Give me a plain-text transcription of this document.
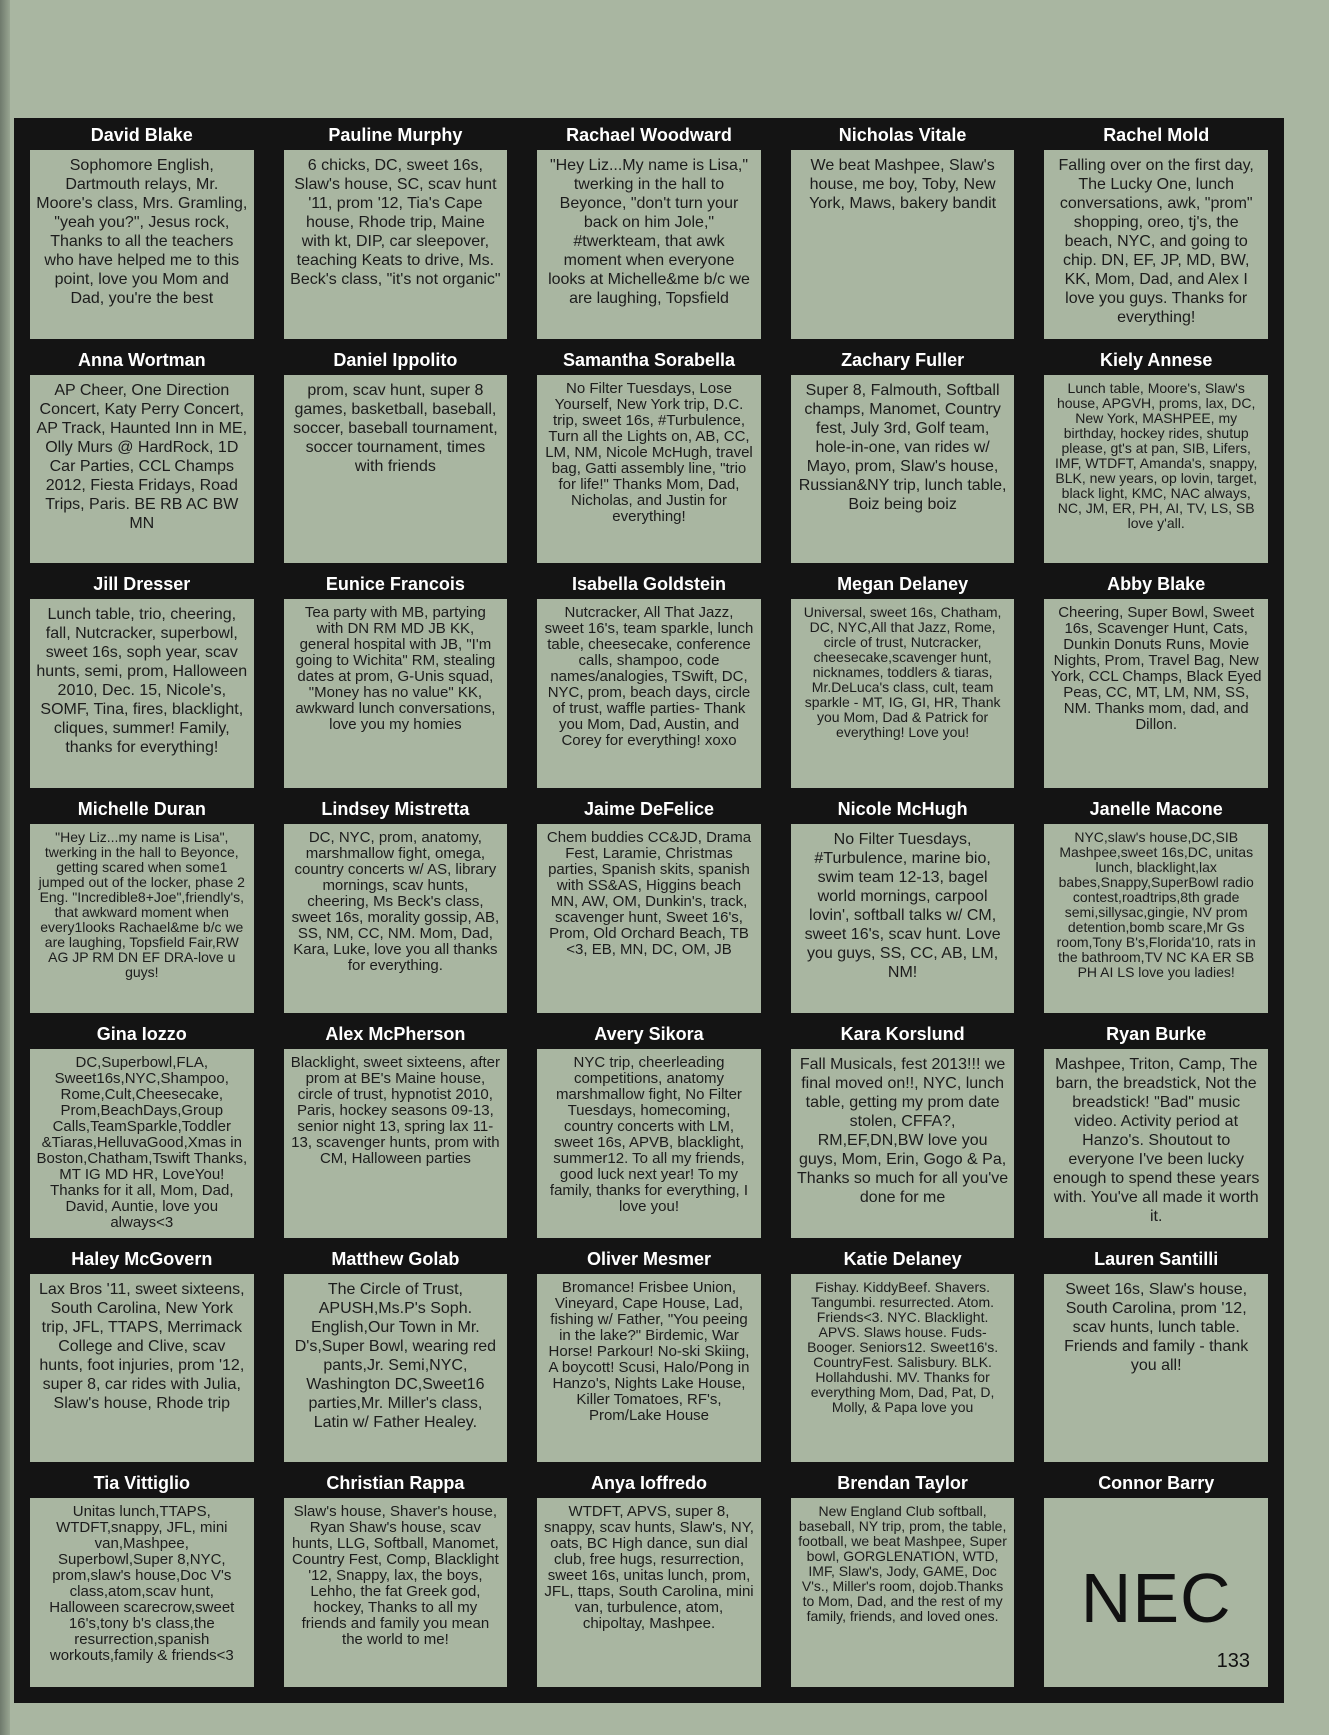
David Blake

Sophomore English, Dartmouth relays, Mr. Moore's class, Mrs. Gramling, "yeah you?", Jesus rock, Thanks to all the teachers who have helped me to this point, love you Mom and Dad, you're the best

Pauline Murphy

6 chicks, DC, sweet 16s, Slaw's house, SC, scav hunt '11, prom '12, Tia's Cape house, Rhode trip, Maine with kt, DIP, car sleepover, teaching Keats to drive, Ms. Beck's class, "it's not organic"

Rachael Woodward

"Hey Liz...My name is Lisa," twerking in the hall to Beyonce, "don't turn your back on him Jole," #twerkteam, that awk moment when everyone looks at Michelle&me b/c we are laughing, Topsfield

Nicholas Vitale

We beat Mashpee, Slaw's house, me boy, Toby, New York, Maws, bakery bandit

Rachel Mold

Falling over on the first day, The Lucky One, lunch conversations, awk, "prom" shopping, oreo, tj's, the beach, NYC, and going to chip. DN, EF, JP, MD, BW, KK, Mom, Dad, and Alex I love you guys. Thanks for everything!

Anna Wortman

AP Cheer, One Direction Concert, Katy Perry Concert, AP Track, Haunted Inn in ME, Olly Murs @ HardRock, 1D Car Parties, CCL Champs 2012, Fiesta Fridays, Road Trips, Paris. BE RB AC BW MN

Daniel Ippolito

prom, scav hunt, super 8 games, basketball, baseball, soccer, baseball tournament, soccer tournament, times with friends

Samantha Sorabella

No Filter Tuesdays, Lose Yourself, New York trip, D.C. trip, sweet 16s, #Turbulence, Turn all the Lights on, AB, CC, LM, NM, Nicole McHugh, travel bag, Gatti assembly line, "trio for life!" Thanks Mom, Dad, Nicholas, and Justin for everything!

Zachary Fuller

Super 8, Falmouth, Softball champs, Manomet, Country fest, July 3rd, Golf team, hole-in-one, van rides w/ Mayo, prom, Slaw's house, Russian&NY trip, lunch table, Boiz being boiz

Kiely Annese

Lunch table, Moore's, Slaw's house, APGVH, proms, lax, DC, New York, MASHPEE, my birthday, hockey rides, shutup please, gt's at pan, SIB, Lifers, IMF, WTDFT, Amanda's, snappy, BLK, new years, op lovin, target, black light, KMC, NAC always, NC, JM, ER, PH, AI, TV, LS, SB love y'all.

Jill Dresser

Lunch table, trio, cheering, fall, Nutcracker, superbowl, sweet 16s, soph year, scav hunts, semi, prom, Halloween 2010, Dec. 15, Nicole's, SOMF, Tina, fires, blacklight, cliques, summer! Family, thanks for everything!

Eunice Francois

Tea party with MB, partying with DN RM MD JB KK, general hospital with JB, "I'm going to Wichita" RM, stealing dates at prom, G-Unis squad, "Money has no value" KK, awkward lunch conversations, love you my homies

Isabella Goldstein

Nutcracker, All That Jazz, sweet 16's, team sparkle, lunch table, cheesecake, conference calls, shampoo, code names/analogies, TSwift, DC, NYC, prom, beach days, circle of trust, waffle parties- Thank you Mom, Dad, Austin, and Corey for everything! xoxo

Megan Delaney

Universal, sweet 16s, Chatham, DC, NYC,All that Jazz, Rome, circle of trust, Nutcracker, cheesecake,scavenger hunt, nicknames, toddlers & tiaras, Mr.DeLuca's class, cult, team sparkle - MT, IG, GI, HR, Thank you Mom, Dad & Patrick for everything! Love you!

Abby Blake

Cheering, Super Bowl, Sweet 16s, Scavenger Hunt, Cats, Dunkin Donuts Runs, Movie Nights, Prom, Travel Bag, New York, CCL Champs, Black Eyed Peas, CC, MT, LM, NM, SS, NM. Thanks mom, dad, and Dillon.

Michelle Duran

"Hey Liz...my name is Lisa", twerking in the hall to Beyonce, getting scared when some1 jumped out of the locker, phase 2 Eng. "Incredible8+Joe",friendly's, that awkward moment when every1looks Rachael&me b/c we are laughing, Topsfield Fair,RW AG JP RM DN EF DRA-love u guys!

Lindsey Mistretta

DC, NYC, prom, anatomy, marshmallow fight, omega, country concerts w/ AS, library mornings, scav hunts, cheering, Ms Beck's class, sweet 16s, morality gossip, AB, SS, NM, CC, NM. Mom, Dad, Kara, Luke, love you all thanks for everything.

Jaime DeFelice

Chem buddies CC&JD, Drama Fest, Laramie, Christmas parties, Spanish skits, spanish with SS&AS, Higgins beach MN, AW, OM, Dunkin's, track, scavenger hunt, Sweet 16's, Prom, Old Orchard Beach, TB <3, EB, MN, DC, OM, JB

Nicole McHugh

No Filter Tuesdays, #Turbulence, marine bio, swim team 12-13, bagel world mornings, carpool lovin', softball talks w/ CM, sweet 16's, scav hunt. Love you guys, SS, CC, AB, LM, NM!

Janelle Macone

NYC,slaw's house,DC,SIB Mashpee,sweet 16s,DC, unitas lunch, blacklight,lax babes,Snappy,SuperBowl radio contest,roadtrips,8th grade semi,sillysac,gingie, NV prom detention,bomb scare,Mr Gs room,Tony B's,Florida'10, rats in the bathroom,TV NC KA ER SB PH AI LS love you ladies!

Gina Iozzo

DC,Superbowl,FLA, Sweet16s,NYC,Shampoo, Rome,Cult,Cheesecake, Prom,BeachDays,Group Calls,TeamSparkle,Toddler &Tiaras,HelluvaGood,Xmas in Boston,Chatham,Tswift Thanks, MT IG MD HR, LoveYou! Thanks for it all, Mom, Dad, David, Auntie, love you always<3

Alex McPherson

Blacklight, sweet sixteens, after prom at BE's Maine house, circle of trust, hypnotist 2010, Paris, hockey seasons 09-13, senior night 13, spring lax 11-13, scavenger hunts, prom with CM, Halloween parties

Avery Sikora

NYC trip, cheerleading competitions, anatomy marshmallow fight, No Filter Tuesdays, homecoming, country concerts with LM, sweet 16s, APVB, blacklight, summer12. To all my friends, good luck next year! To my family, thanks for everything, I love you!

Kara Korslund

Fall Musicals, fest 2013!!! we final moved on!!, NYC, lunch table, getting my prom date stolen, CFFA?, RM,EF,DN,BW love you guys, Mom, Erin, Gogo & Pa, Thanks so much for all you've done for me

Ryan Burke

Mashpee, Triton, Camp, The barn, the breadstick, Not the breadstick! "Bad" music video. Activity period at Hanzo's. Shoutout to everyone I've been lucky enough to spend these years with. You've all made it worth it.

Haley McGovern

Lax Bros '11, sweet sixteens, South Carolina, New York trip, JFL, TTAPS, Merrimack College and Clive, scav hunts, foot injuries, prom '12, super 8, car rides with Julia, Slaw's house, Rhode trip

Matthew Golab

The Circle of Trust, APUSH,Ms.P's Soph. English,Our Town in Mr. D's,Super Bowl, wearing red pants,Jr. Semi,NYC, Washington DC,Sweet16 parties,Mr. Miller's class, Latin w/ Father Healey.

Oliver Mesmer

Bromance! Frisbee Union, Vineyard, Cape House, Lad, fishing w/ Father, "You peeing in the lake?" Birdemic, War Horse! Parkour! No-ski Skiing, A boycott! Scusi, Halo/Pong in Hanzo's, Nights Lake House, Killer Tomatoes, RF's, Prom/Lake House

Katie Delaney

Fishay. KiddyBeef. Shavers. Tangumbi. resurrected. Atom. Friends<3. NYC. Blacklight. APVS. Slaws house. Fuds-Booger. Seniors12. Sweet16's. CountryFest. Salisbury. BLK. Hollahdushi. MV. Thanks for everything Mom, Dad, Pat, D, Molly, & Papa love you

Lauren Santilli

Sweet 16s, Slaw's house, South Carolina, prom '12, scav hunts, lunch table. Friends and family - thank you all!

Tia Vittiglio

Unitas lunch,TTAPS, WTDFT,snappy, JFL, mini van,Mashpee, Superbowl,Super 8,NYC, prom,slaw's house,Doc V's class,atom,scav hunt, Halloween scarecrow,sweet 16's,tony b's class,the resurrection,spanish workouts,family & friends<3

Christian Rappa

Slaw's house, Shaver's house, Ryan Shaw's house, scav hunts, LLG, Softball, Manomet, Country Fest, Comp, Blacklight '12, Snappy, lax, the boys, Lehho, the fat Greek god, hockey, Thanks to all my friends and family you mean the world to me!

Anya Ioffredo

WTDFT, APVS, super 8, snappy, scav hunts, Slaw's, NY, oats, BC High dance, sun dial club, free hugs, resurrection, sweet 16s, unitas lunch, prom, JFL, ttaps, South Carolina, mini van, turbulence, atom, chipoltay, Mashpee.

Brendan Taylor

New England Club softball, baseball, NY trip, prom, the table, football, we beat Mashpee, Super bowl, GORGLENATION, WTD, IMF, Slaw's, Jody, GAME, Doc V's., Miller's room, dojob.Thanks to Mom, Dad, and the rest of my family, friends, and loved ones.

Connor Barry
NEC
133
